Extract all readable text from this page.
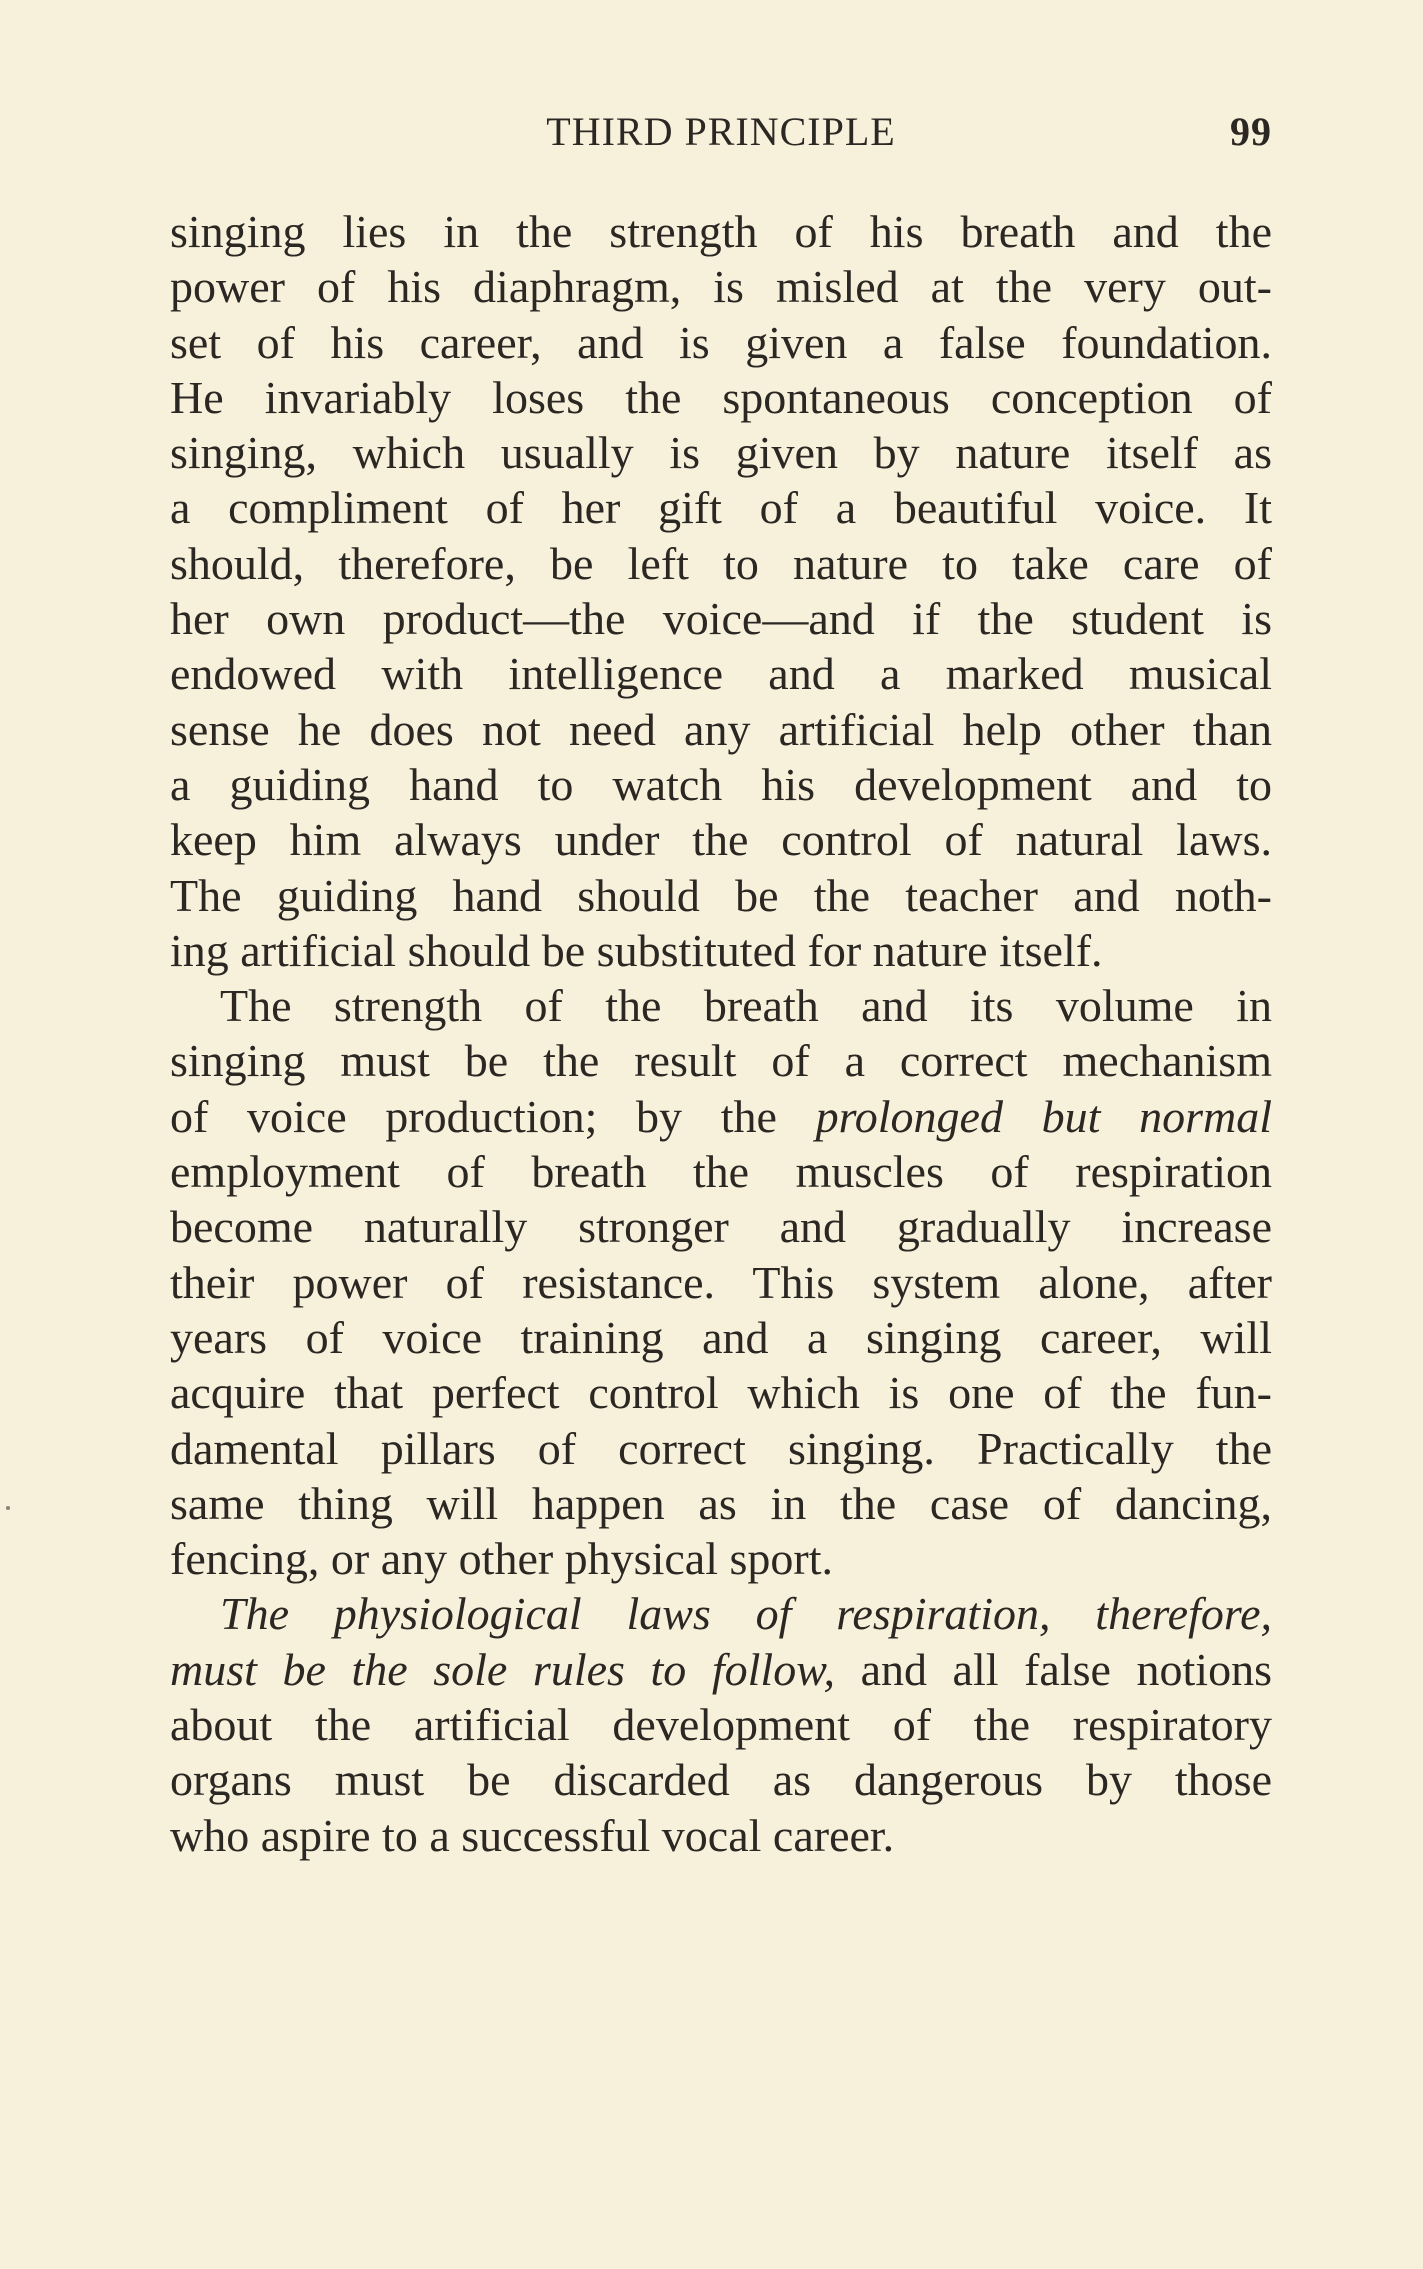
THIRD PRINCIPLE	99
singing lies in the strength of his breath and the
power of his diaphragm, is misled at the very out-
set of his career, and is given a false foundation.
He invariably loses the spontaneous conception of
singing, which usually is given by nature itself as
a compliment of her gift of a beautiful voice. It
should, therefore, be left to nature to take care of
her own product—the voice—and if the student is
endowed with intelligence and a marked musical
sense he does not need any artificial help other than
a guiding hand to watch his development and to
keep him always under the control of natural laws.
The guiding hand should be the teacher and noth-
ing artificial should be substituted for nature itself.
The strength of the breath and its volume in
singing must be the result of a correct mechanism
of voice production; by the prolonged but normal
employment of breath the muscles of respiration
become naturally stronger and gradually increase
their power of resistance. This system alone, after
years of voice training and a singing career, will
acquire that perfect control which is one of the fun-
damental pillars of correct singing. Practically the
same thing will happen as in the case of dancing,
fencing, or any other physical sport.
The physiological laws of respiration, therefore,
must be the sole rules to follow, and all false notions
about the artificial development of the respiratory
organs must be discarded as dangerous by those
who aspire to a successful vocal career.
